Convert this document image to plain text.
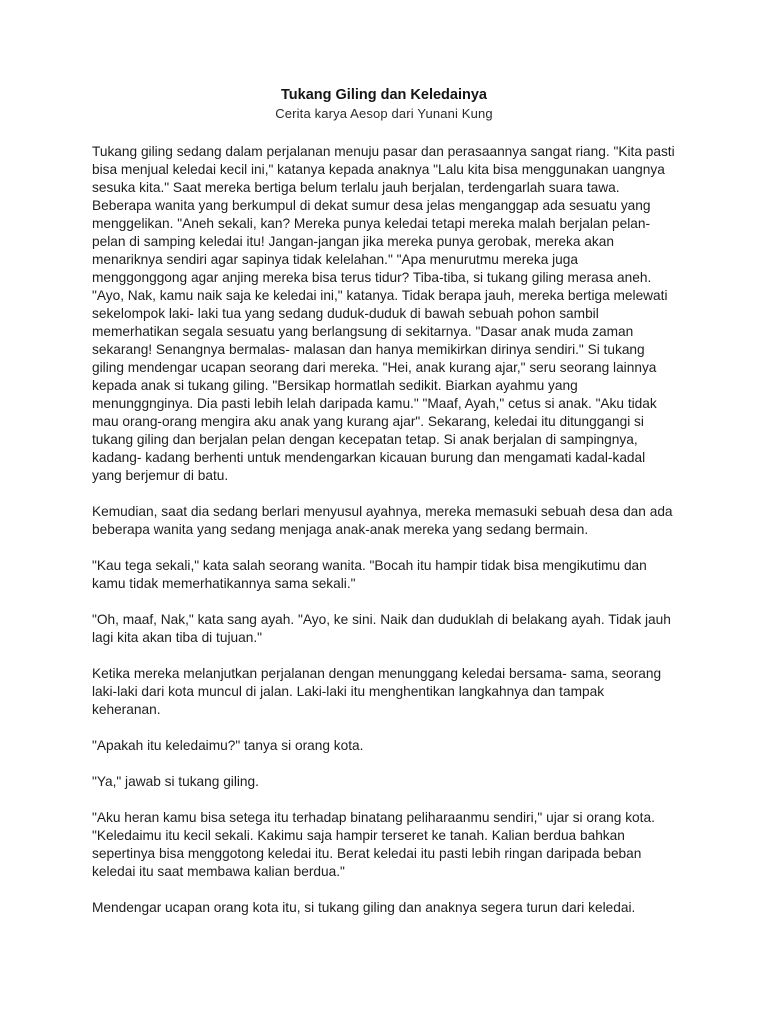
Tukang Giling dan Keledainya

Cerita karya Aesop dari Yunani Kung

Tukang giling sedang dalam perjalanan menuju pasar dan perasaannya sangat riang. "Kita pasti bisa menjual keledai kecil ini," katanya kepada anaknya "Lalu kita bisa menggunakan uangnya sesuka kita." Saat mereka bertiga belum terlalu jauh berjalan, terdengarlah suara tawa. Beberapa wanita yang berkumpul di dekat sumur desa jelas menganggap ada sesuatu yang menggelikan. "Aneh sekali, kan? Mereka punya keledai tetapi mereka malah berjalan pelan-pelan di samping keledai itu! Jangan-jangan jika mereka punya gerobak, mereka akan menariknya sendiri agar sapinya tidak kelelahan." "Apa menurutmu mereka juga menggonggong agar anjing mereka bisa terus tidur? Tiba-tiba, si tukang giling merasa aneh. "Ayo, Nak, kamu naik saja ke keledai ini," katanya. Tidak berapa jauh, mereka bertiga melewati sekelompok laki- laki tua yang sedang duduk-duduk di bawah sebuah pohon sambil memerhatikan segala sesuatu yang berlangsung di sekitarnya. "Dasar anak muda zaman sekarang! Senangnya bermalas- malasan dan hanya memikirkan dirinya sendiri." Si tukang giling mendengar ucapan seorang dari mereka. "Hei, anak kurang ajar," seru seorang lainnya kepada anak si tukang giling. "Bersikap hormatlah sedikit. Biarkan ayahmu yang menunggnginya. Dia pasti lebih lelah daripada kamu." "Maaf, Ayah," cetus si anak. "Aku tidak mau orang-orang mengira aku anak yang kurang ajar". Sekarang, keledai itu ditunggangi si tukang giling dan berjalan pelan dengan kecepatan tetap. Si anak berjalan di sampingnya, kadang- kadang berhenti untuk mendengarkan kicauan burung dan mengamati kadal-kadal yang berjemur di batu.

Kemudian, saat dia sedang berlari menyusul ayahnya, mereka memasuki sebuah desa dan ada beberapa wanita yang sedang menjaga anak-anak mereka yang sedang bermain.

"Kau tega sekali," kata salah seorang wanita. "Bocah itu hampir tidak bisa mengikutimu dan kamu tidak memerhatikannya sama sekali."

"Oh, maaf, Nak," kata sang ayah. "Ayo, ke sini. Naik dan duduklah di belakang ayah. Tidak jauh lagi kita akan tiba di tujuan."

Ketika mereka melanjutkan perjalanan dengan menunggang keledai bersama- sama, seorang laki-laki dari kota muncul di jalan. Laki-laki itu menghentikan langkahnya dan tampak keheranan.

"Apakah itu keledaimu?" tanya si orang kota.

"Ya," jawab si tukang giling.

"Aku heran kamu bisa setega itu terhadap binatang peliharaanmu sendiri," ujar si orang kota. "Keledaimu itu kecil sekali. Kakimu saja hampir terseret ke tanah. Kalian berdua bahkan sepertinya bisa menggotong keledai itu. Berat keledai itu pasti lebih ringan daripada beban keledai itu saat membawa kalian berdua."

Mendengar ucapan orang kota itu, si tukang giling dan anaknya segera turun dari keledai.
